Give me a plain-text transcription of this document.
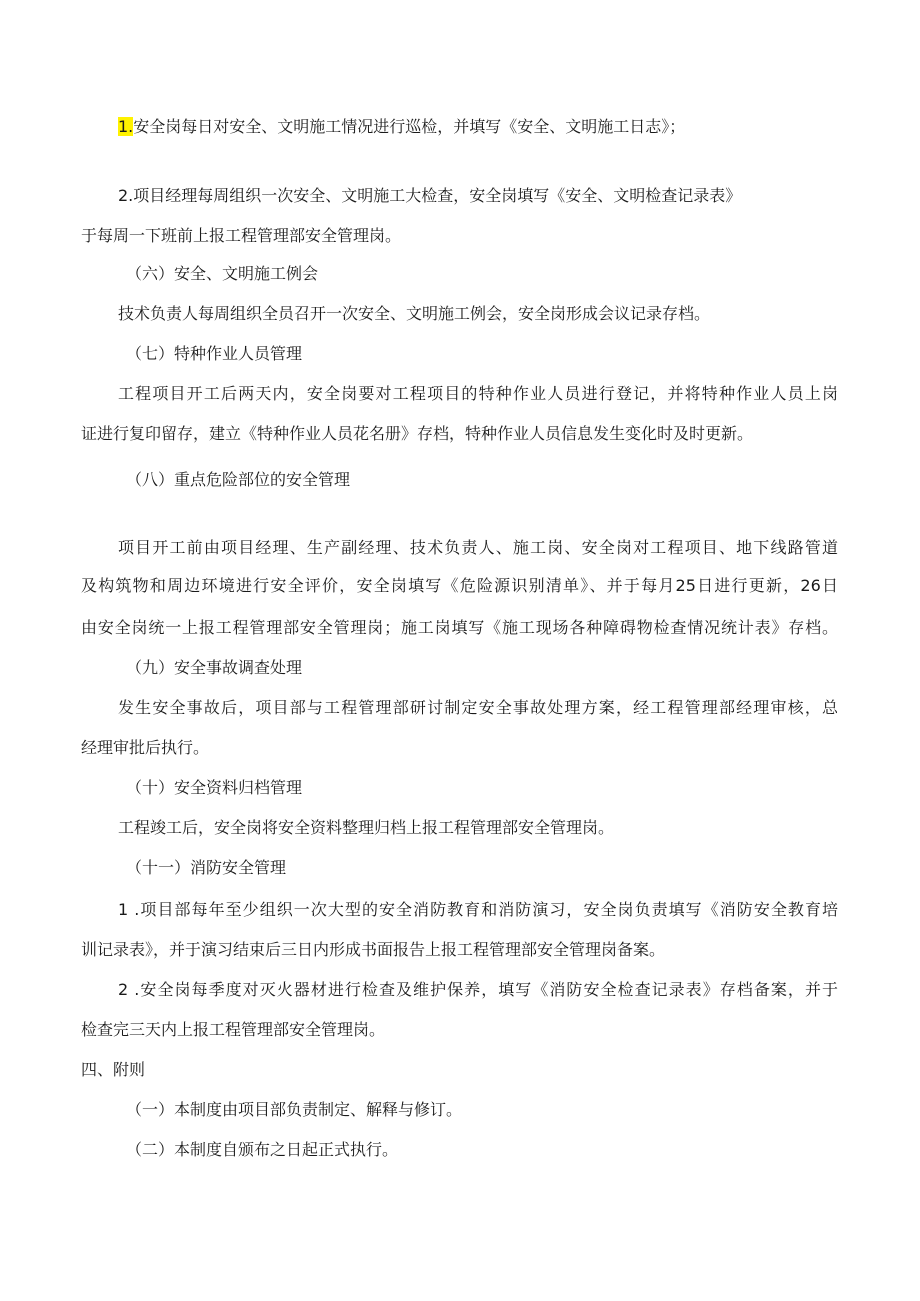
1.安全岗每日对安全、文明施工情况进行巡检，并填写《安全、文明施工日志》；
2.项目经理每周组织一次安全、文明施工大检查，安全岗填写《安全、文明检查记录表》
于每周一下班前上报工程管理部安全管理岗。
（六）安全、文明施工例会
技术负责人每周组织全员召开一次安全、文明施工例会，安全岗形成会议记录存档。
（七）特种作业人员管理
工程项目开工后两天内，安全岗要对工程项目的特种作业人员进行登记，并将特种作业人员上岗
证进行复印留存，建立《特种作业人员花名册》存档，特种作业人员信息发生变化时及时更新。
（八）重点危险部位的安全管理
项目开工前由项目经理、生产副经理、技术负责人、施工岗、安全岗对工程项目、地下线路管道
及构筑物和周边环境进行安全评价，安全岗填写《危险源识别清单》、并于每月25日进行更新，26日
由安全岗统一上报工程管理部安全管理岗；施工岗填写《施工现场各种障碍物检查情况统计表》存档。
（九）安全事故调查处理
发生安全事故后，项目部与工程管理部研讨制定安全事故处理方案，经工程管理部经理审核，总
经理审批后执行。
（十）安全资料归档管理
工程竣工后，安全岗将安全资料整理归档上报工程管理部安全管理岗。
（十一）消防安全管理
1 .项目部每年至少组织一次大型的安全消防教育和消防演习，安全岗负责填写《消防安全教育培
训记录表》，并于演习结束后三日内形成书面报告上报工程管理部安全管理岗备案。
2 .安全岗每季度对灭火器材进行检查及维护保养，填写《消防安全检查记录表》存档备案，并于
检查完三天内上报工程管理部安全管理岗。
四、附则
（一）本制度由项目部负责制定、解释与修订。
（二）本制度自颁布之日起正式执行。
